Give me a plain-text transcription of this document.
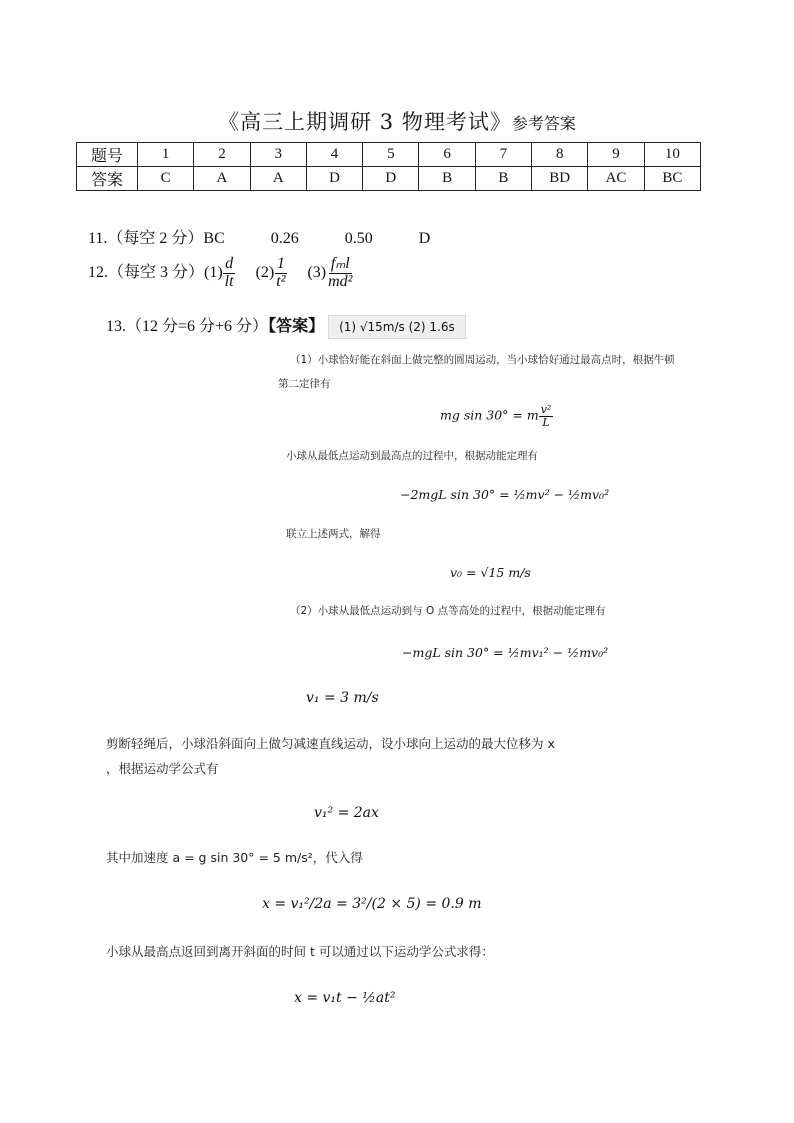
《高三上期调研 3 物理考试》参考答案
题号	1	2	3	4	5	6	7	8	9	10
答案	C	A	A	D	D	B	B	BD	AC	BC
11.（每空 2 分）BC	0.26	0.50	D
12.（每空 3 分）$(1) \frac{d}{lt} (2) \frac{1}{\text{t²}} (3) \frac{\text{fₘl}}{\text{md²}}$
13.（12 分=6 分+6 分）【答案】 (1) √15m/s (2) 1.6s
（1）小球恰好能在斜面上做完整的圆周运动，当小球恰好通过最高点时，根据牛顿
第二定律有
mg sin 30° = m $\frac{\text{v²}}{L}$
小球从最低点运动到最高点的过程中，根据动能定理有
−2mgL sin 30° = ½mv² − ½mv₀²
联立上述两式，解得
v₀ = √15 m/s
（2）小球从最低点运动到与 O 点等高处的过程中，根据动能定理有
−mgL sin 30° = ½mv₁² − ½mv₀²
v₁ = 3 m/s
剪断轻绳后，小球沿斜面向上做匀减速直线运动，设小球向上运动的最大位移为 x
，根据运动学公式有
v₁² = 2ax
其中加速度 a = g sin 30° = 5 m/s²，代入得
x = v₁²/2a = 3²/(2 × 5) = 0.9 m
小球从最高点返回到离开斜面的时间 t 可以通过以下运动学公式求得：
x = v₁t − ½at²
